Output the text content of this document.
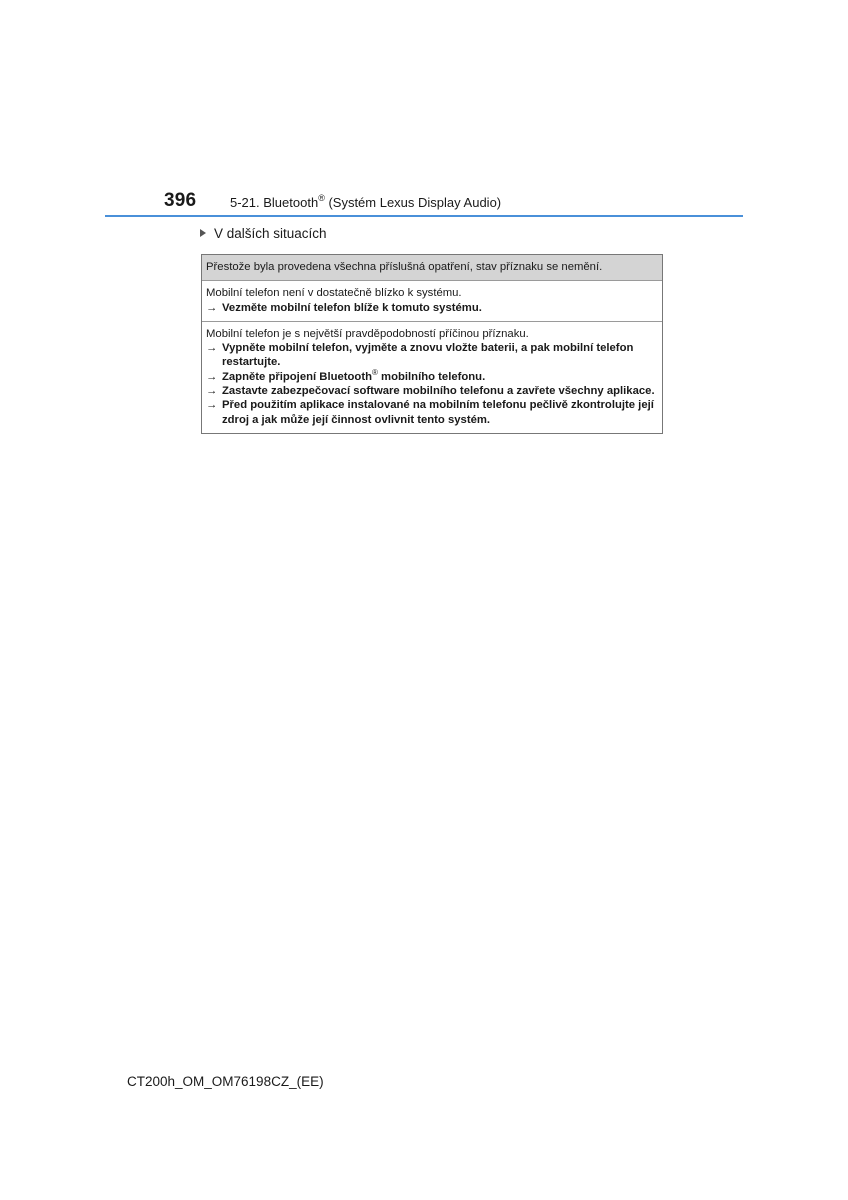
396	5-21. Bluetooth® (Systém Lexus Display Audio)
V dalších situacích
Přestože byla provedena všechna příslušná opatření, stav příznaku se nemění.
Mobilní telefon není v dostatečně blízko k systému.
→ Vezměte mobilní telefon blíže k tomuto systému.
Mobilní telefon je s největší pravděpodobností příčinou příznaku.
→ Vypněte mobilní telefon, vyjměte a znovu vložte baterii, a pak mobilní telefon restartujte.
→ Zapněte připojení Bluetooth® mobilního telefonu.
→ Zastavte zabezpečovací software mobilního telefonu a zavřete všechny aplikace.
→ Před použitím aplikace instalované na mobilním telefonu pečlivě zkontrolujte její zdroj a jak může její činnost ovlivnit tento systém.
CT200h_OM_OM76198CZ_(EE)
